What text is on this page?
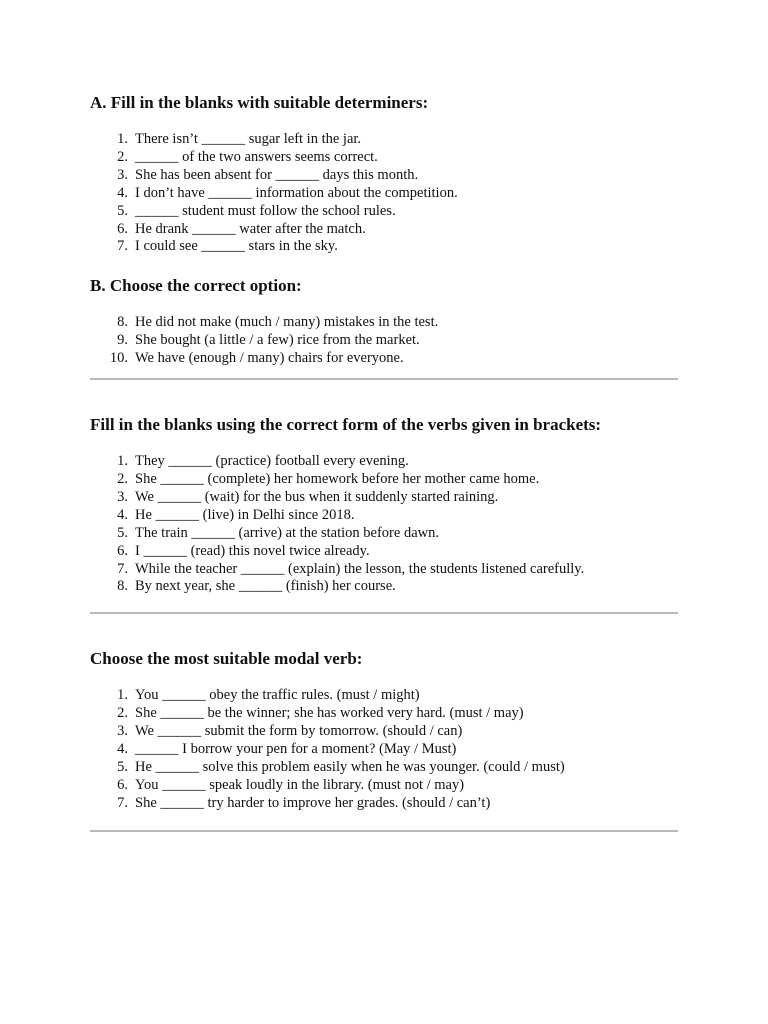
A. Fill in the blanks with suitable determiners:
1. There isn’t ______ sugar left in the jar.
2. ______ of the two answers seems correct.
3. She has been absent for ______ days this month.
4. I don’t have ______ information about the competition.
5. ______ student must follow the school rules.
6. He drank ______ water after the match.
7. I could see ______ stars in the sky.
B. Choose the correct option:
8. He did not make (much / many) mistakes in the test.
9. She bought (a little / a few) rice from the market.
10. We have (enough / many) chairs for everyone.
Fill in the blanks using the correct form of the verbs given in brackets:
1. They ______ (practice) football every evening.
2. She ______ (complete) her homework before her mother came home.
3. We ______ (wait) for the bus when it suddenly started raining.
4. He ______ (live) in Delhi since 2018.
5. The train ______ (arrive) at the station before dawn.
6. I ______ (read) this novel twice already.
7. While the teacher ______ (explain) the lesson, the students listened carefully.
8. By next year, she ______ (finish) her course.
Choose the most suitable modal verb:
1. You ______ obey the traffic rules. (must / might)
2. She ______ be the winner; she has worked very hard. (must / may)
3. We ______ submit the form by tomorrow. (should / can)
4. ______ I borrow your pen for a moment? (May / Must)
5. He ______ solve this problem easily when he was younger. (could / must)
6. You ______ speak loudly in the library. (must not / may)
7. She ______ try harder to improve her grades. (should / can’t)
